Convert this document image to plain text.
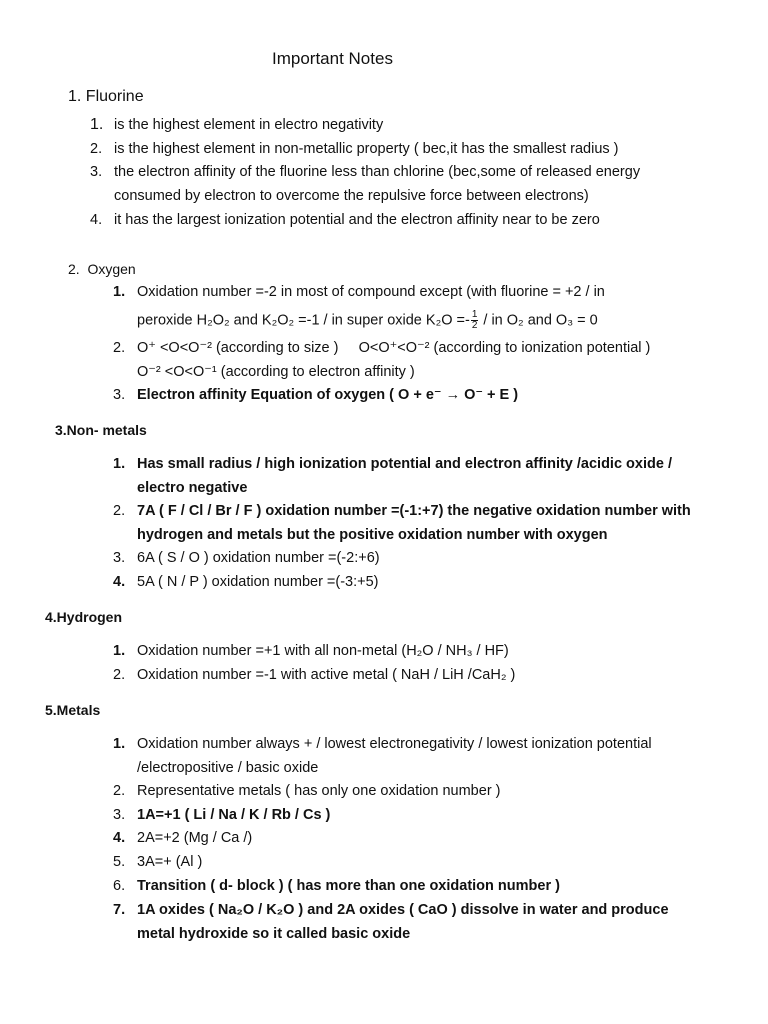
Important Notes
1. Fluorine
1. is the highest element in electro negativity
2. is the highest element in non-metallic property ( bec,it has the smallest radius )
3. the electron affinity of the fluorine less than chlorine (bec,some of released energy
consumed by electron to overcome the repulsive force between electrons)
4. it has the largest ionization potential and the electron affinity near to be zero
2. Oxygen
1. Oxidation number =-2 in most of compound except (with fluorine = +2 / in
peroxide H₂O₂ and K₂O₂ =-1 / in super oxide $K_2O =- \frac{1}{2}$ / in O₂ and O₃ = 0
2. O⁺ <O<O⁻² (according to size )     O<O⁺<O⁻² (according to ionization potential )
O⁻² <O<O⁻¹ (according to electron affinity )
3. Electron affinity Equation of oxygen ( O + e⁻ → O⁻ + E )
3.Non- metals
1. Has small radius / high ionization potential and electron affinity /acidic oxide /
electro negative
2. 7A ( F / Cl / Br / F ) oxidation number =(-1:+7) the negative oxidation number with
hydrogen and metals but the positive oxidation number with oxygen
3. 6A ( S / O ) oxidation number =(-2:+6)
4. 5A ( N / P ) oxidation number =(-3:+5)
4.Hydrogen
1. Oxidation number =+1 with all non-metal (H₂O / NH₃ / HF)
2. Oxidation number =-1 with active metal ( NaH / LiH /CaH₂ )
5.Metals
1. Oxidation number always + / lowest electronegativity / lowest ionization potential
/electropositive / basic oxide
2. Representative metals ( has only one oxidation number )
3. 1A=+1 ( Li / Na / K / Rb / Cs )
4. 2A=+2 (Mg / Ca /)
5. 3A=+ (Al )
6. Transition ( d- block ) ( has more than one oxidation number )
7. 1A oxides ( Na₂O / K₂O ) and 2A oxides ( CaO ) dissolve in water and produce
metal hydroxide so it called basic oxide
